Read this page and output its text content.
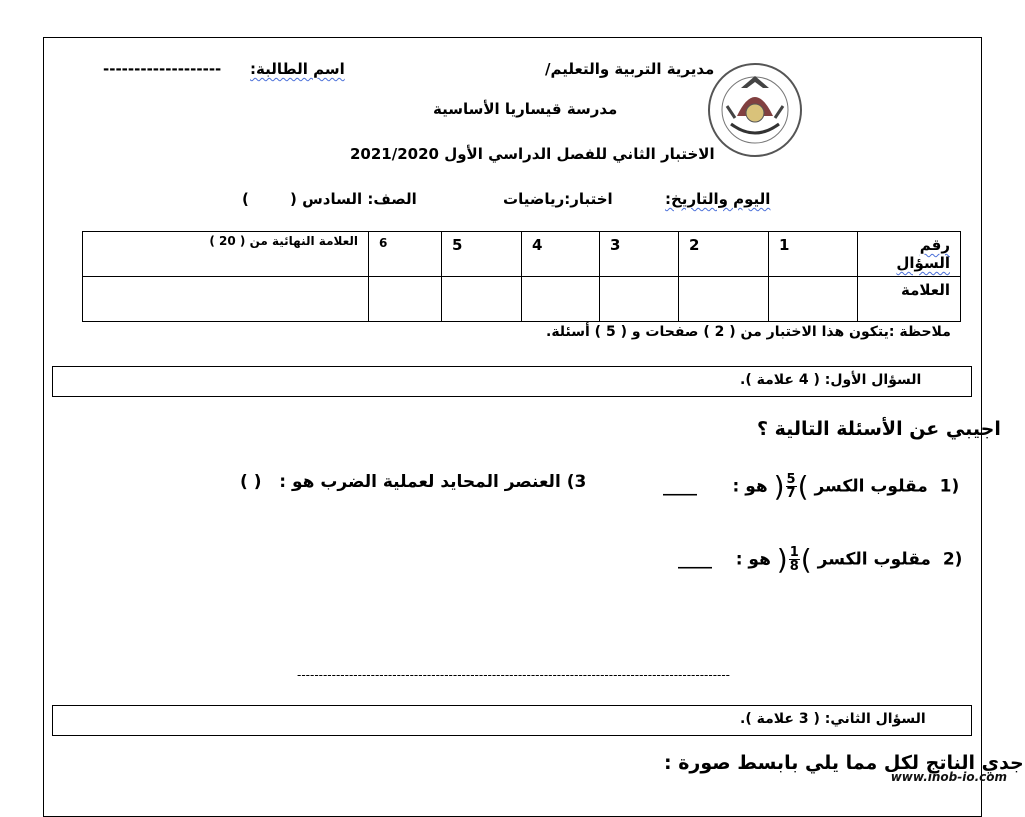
مديرية التربية والتعليم/
اسم الطالبة:
-------------------
مدرسة قيساريا الأساسية
الاختبار الثاني للفصل الدراسي الأول 2021/2020
اليوم والتاريخ:
اختبار:رياضيات
الصف: السادس (
)
رقم السؤال	1	2	3	4	5	6	العلامة النهائية من ( 20 )
العلامة							
ملاحظة :يتكون هذا الاختبار من ( 2 ) صفحات و ( 5 ) أسئلة.
السؤال الأول: ( 4 علامة ).
اجيبي عن الأسئلة التالية ؟
____ هو : ) $\frac{5}{7}$ ( مقلوب الكسر 1)
( ) 3) العنصر المحايد لعملية الضرب هو :
____ هو : ) $\frac{1}{8}$ ( مقلوب الكسر 2)
----------------------------------------------------------------------------------------------------
السؤال الثاني: ( 3 علامة ).
جدي الناتج لكل مما يلي بابسط صورة :
www.inob-io.com
